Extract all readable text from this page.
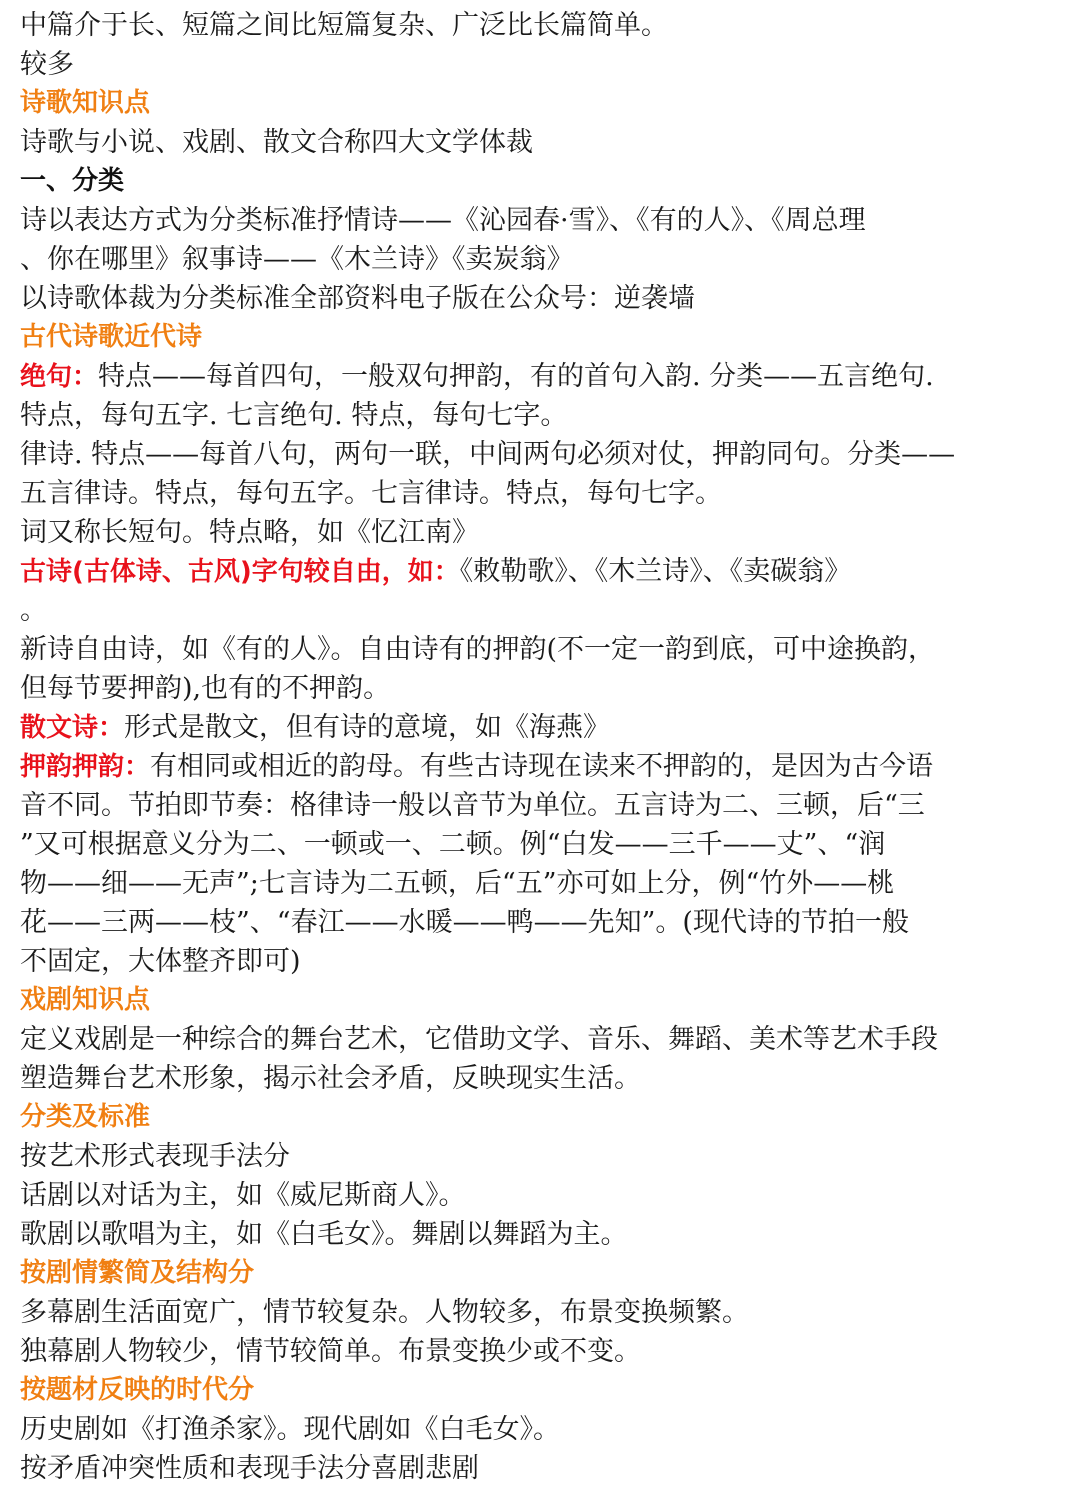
中篇介于长、短篇之间比短篇复杂、广泛比长篇简单。
较多
诗歌知识点
诗歌与小说、戏剧、散文合称四大文学体裁
一、分类
诗以表达方式为分类标准抒情诗——《沁园春·雪》、《有的人》、《周总理
、你在哪里》叙事诗——《木兰诗》《卖炭翁》
以诗歌体裁为分类标准全部资料电子版在公众号：逆袭墙
古代诗歌近代诗
绝句：特点——每首四句，一般双句押韵，有的首句入韵. 分类——五言绝句.
特点，每句五字. 七言绝句. 特点，每句七字。
律诗. 特点——每首八句，两句一联，中间两句必须对仗，押韵同句。分类——
五言律诗。特点，每句五字。七言律诗。特点，每句七字。
词又称长短句。特点略，如《忆江南》
古诗(古体诗、古风)字句较自由，如：《敕勒歌》、《木兰诗》、《卖碳翁》
。
新诗自由诗，如《有的人》。自由诗有的押韵(不一定一韵到底，可中途换韵，
但每节要押韵),也有的不押韵。
散文诗：形式是散文，但有诗的意境，如《海燕》
押韵押韵：有相同或相近的韵母。有些古诗现在读来不押韵的，是因为古今语
音不同。节拍即节奏：格律诗一般以音节为单位。五言诗为二、三顿，后“三
”又可根据意义分为二、一顿或一、二顿。例“白发——三千——丈”、“润
物——细——无声”;七言诗为二五顿，后“五”亦可如上分，例“竹外——桃
花——三两——枝”、“春江——水暖——鸭——先知”。(现代诗的节拍一般
不固定，大体整齐即可)
戏剧知识点
定义戏剧是一种综合的舞台艺术，它借助文学、音乐、舞蹈、美术等艺术手段
塑造舞台艺术形象，揭示社会矛盾，反映现实生活。
分类及标准
按艺术形式表现手法分
话剧以对话为主，如《威尼斯商人》。
歌剧以歌唱为主，如《白毛女》。舞剧以舞蹈为主。
按剧情繁简及结构分
多幕剧生活面宽广，情节较复杂。人物较多，布景变换频繁。
独幕剧人物较少，情节较简单。布景变换少或不变。
按题材反映的时代分
历史剧如《打渔杀家》。现代剧如《白毛女》。
按矛盾冲突性质和表现手法分喜剧悲剧
